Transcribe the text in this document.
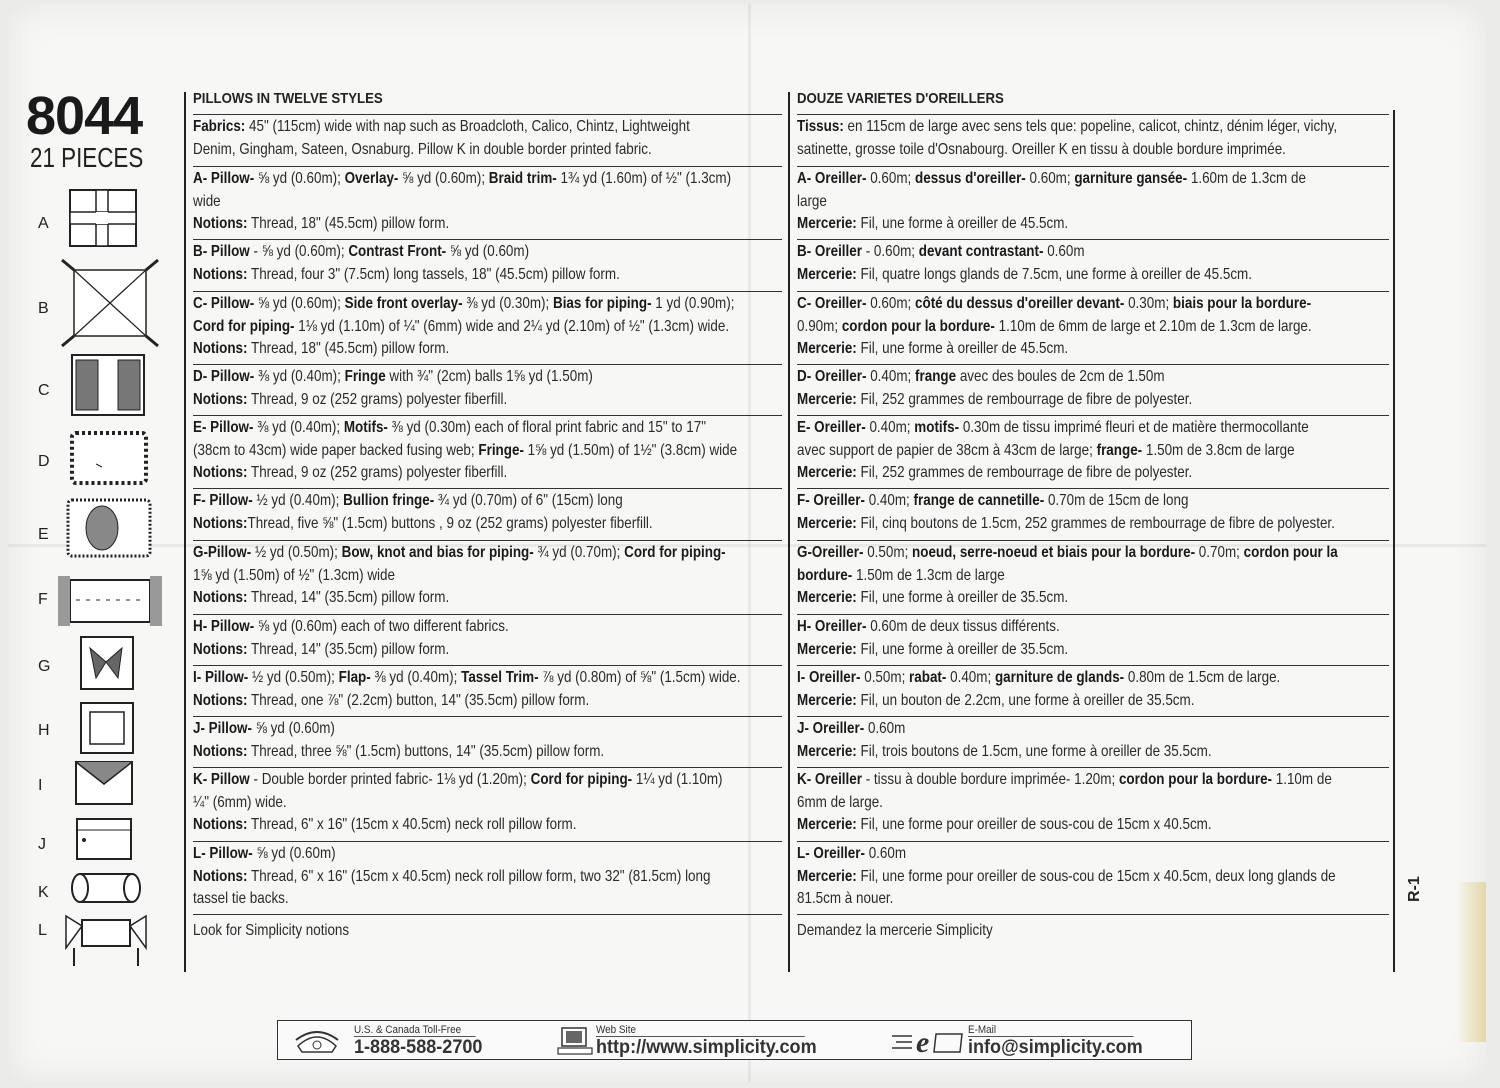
8044
21 PIECES
A
B
C
D
E
F
G
H
I
J
K
L
PILLOWS IN TWELVE STYLES
Fabrics: 45" (115cm) wide with nap such as Broadcloth, Calico, Chintz, Lightweight
Denim, Gingham, Sateen, Osnaburg. Pillow K in double border printed fabric.
A- Pillow- ⅝ yd (0.60m); Overlay- ⅝ yd (0.60m); Braid trim- 1¾ yd (1.60m) of ½" (1.3cm)
wide
Notions: Thread, 18" (45.5cm) pillow form.
B- Pillow - ⅝ yd (0.60m); Contrast Front- ⅝ yd (0.60m)
Notions: Thread, four 3" (7.5cm) long tassels, 18" (45.5cm) pillow form.
C- Pillow- ⅝ yd (0.60m); Side front overlay- ⅜ yd (0.30m); Bias for piping- 1 yd (0.90m);
Cord for piping- 1⅛ yd (1.10m) of ¼" (6mm) wide and 2¼ yd (2.10m) of ½" (1.3cm) wide.
Notions: Thread, 18" (45.5cm) pillow form.
D- Pillow- ⅜ yd (0.40m); Fringe with ¾" (2cm) balls 1⅝ yd (1.50m)
Notions: Thread, 9 oz (252 grams) polyester fiberfill.
E- Pillow- ⅜ yd (0.40m); Motifs- ⅜ yd (0.30m) each of floral print fabric and 15" to 17"
(38cm to 43cm) wide paper backed fusing web; Fringe- 1⅝ yd (1.50m) of 1½" (3.8cm) wide
Notions: Thread, 9 oz (252 grams) polyester fiberfill.
F- Pillow- ½ yd (0.40m); Bullion fringe- ¾ yd (0.70m) of 6" (15cm) long
Notions:Thread, five ⅝" (1.5cm) buttons , 9 oz (252 grams) polyester fiberfill.
G-Pillow- ½ yd (0.50m); Bow, knot and bias for piping- ¾ yd (0.70m); Cord for piping-
1⅝ yd (1.50m) of ½" (1.3cm) wide
Notions: Thread, 14" (35.5cm) pillow form.
H- Pillow- ⅝ yd (0.60m) each of two different fabrics.
Notions: Thread, 14" (35.5cm) pillow form.
I- Pillow- ½ yd (0.50m); Flap- ⅜ yd (0.40m); Tassel Trim- ⅞ yd (0.80m) of ⅝" (1.5cm) wide.
Notions: Thread, one ⅞" (2.2cm) button, 14" (35.5cm) pillow form.
J- Pillow- ⅝ yd (0.60m)
Notions: Thread, three ⅝" (1.5cm) buttons, 14" (35.5cm) pillow form.
K- Pillow - Double border printed fabric- 1⅛ yd (1.20m); Cord for piping- 1¼ yd (1.10m)
¼" (6mm) wide.
Notions: Thread, 6" x 16" (15cm x 40.5cm) neck roll pillow form.
L- Pillow- ⅝ yd (0.60m)
Notions: Thread, 6" x 16" (15cm x 40.5cm) neck roll pillow form, two 32" (81.5cm) long
tassel tie backs.
Look for Simplicity notions
DOUZE VARIETES D'OREILLERS
Tissus: en 115cm de large avec sens tels que: popeline, calicot, chintz, dénim léger, vichy,
satinette, grosse toile d'Osnabourg. Oreiller K en tissu à double bordure imprimée.
A- Oreiller- 0.60m; dessus d'oreiller- 0.60m; garniture gansée- 1.60m de 1.3cm de
large
Mercerie: Fil, une forme à oreiller de 45.5cm.
B- Oreiller - 0.60m; devant contrastant- 0.60m
Mercerie: Fil, quatre longs glands de 7.5cm, une forme à oreiller de 45.5cm.
C- Oreiller- 0.60m; côté du dessus d'oreiller devant- 0.30m; biais pour la bordure-
0.90m; cordon pour la bordure- 1.10m de 6mm de large et 2.10m de 1.3cm de large.
Mercerie: Fil, une forme à oreiller de 45.5cm.
D- Oreiller- 0.40m; frange avec des boules de 2cm de 1.50m
Mercerie: Fil, 252 grammes de rembourrage de fibre de polyester.
E- Oreiller- 0.40m; motifs- 0.30m de tissu imprimé fleuri et de matière thermocollante
avec support de papier de 38cm à 43cm de large; frange- 1.50m de 3.8cm de large
Mercerie: Fil, 252 grammes de rembourrage de fibre de polyester.
F- Oreiller- 0.40m; frange de cannetille- 0.70m de 15cm de long
Mercerie: Fil, cinq boutons de 1.5cm, 252 grammes de rembourrage de fibre de polyester.
G-Oreiller- 0.50m; noeud, serre-noeud et biais pour la bordure- 0.70m; cordon pour la
bordure- 1.50m de 1.3cm de large
Mercerie: Fil, une forme à oreiller de 35.5cm.
H- Oreiller- 0.60m de deux tissus différents.
Mercerie: Fil, une forme à oreiller de 35.5cm.
I- Oreiller- 0.50m; rabat- 0.40m; garniture de glands- 0.80m de 1.5cm de large.
Mercerie: Fil, un bouton de 2.2cm, une forme à oreiller de 35.5cm.
J- Oreiller- 0.60m
Mercerie: Fil, trois boutons de 1.5cm, une forme à oreiller de 35.5cm.
K- Oreiller - tissu à double bordure imprimée- 1.20m; cordon pour la bordure- 1.10m de
6mm de large.
Mercerie: Fil, une forme pour oreiller de sous-cou de 15cm x 40.5cm.
L- Oreiller- 0.60m
Mercerie: Fil, une forme pour oreiller de sous-cou de 15cm x 40.5cm, deux long glands de
81.5cm à nouer.
Demandez la mercerie Simplicity
R-1
U.S. & Canada Toll-Free
1-888-588-2700
Web Site
http://www.simplicity.com	e	E-Mail
info@simplicity.com
